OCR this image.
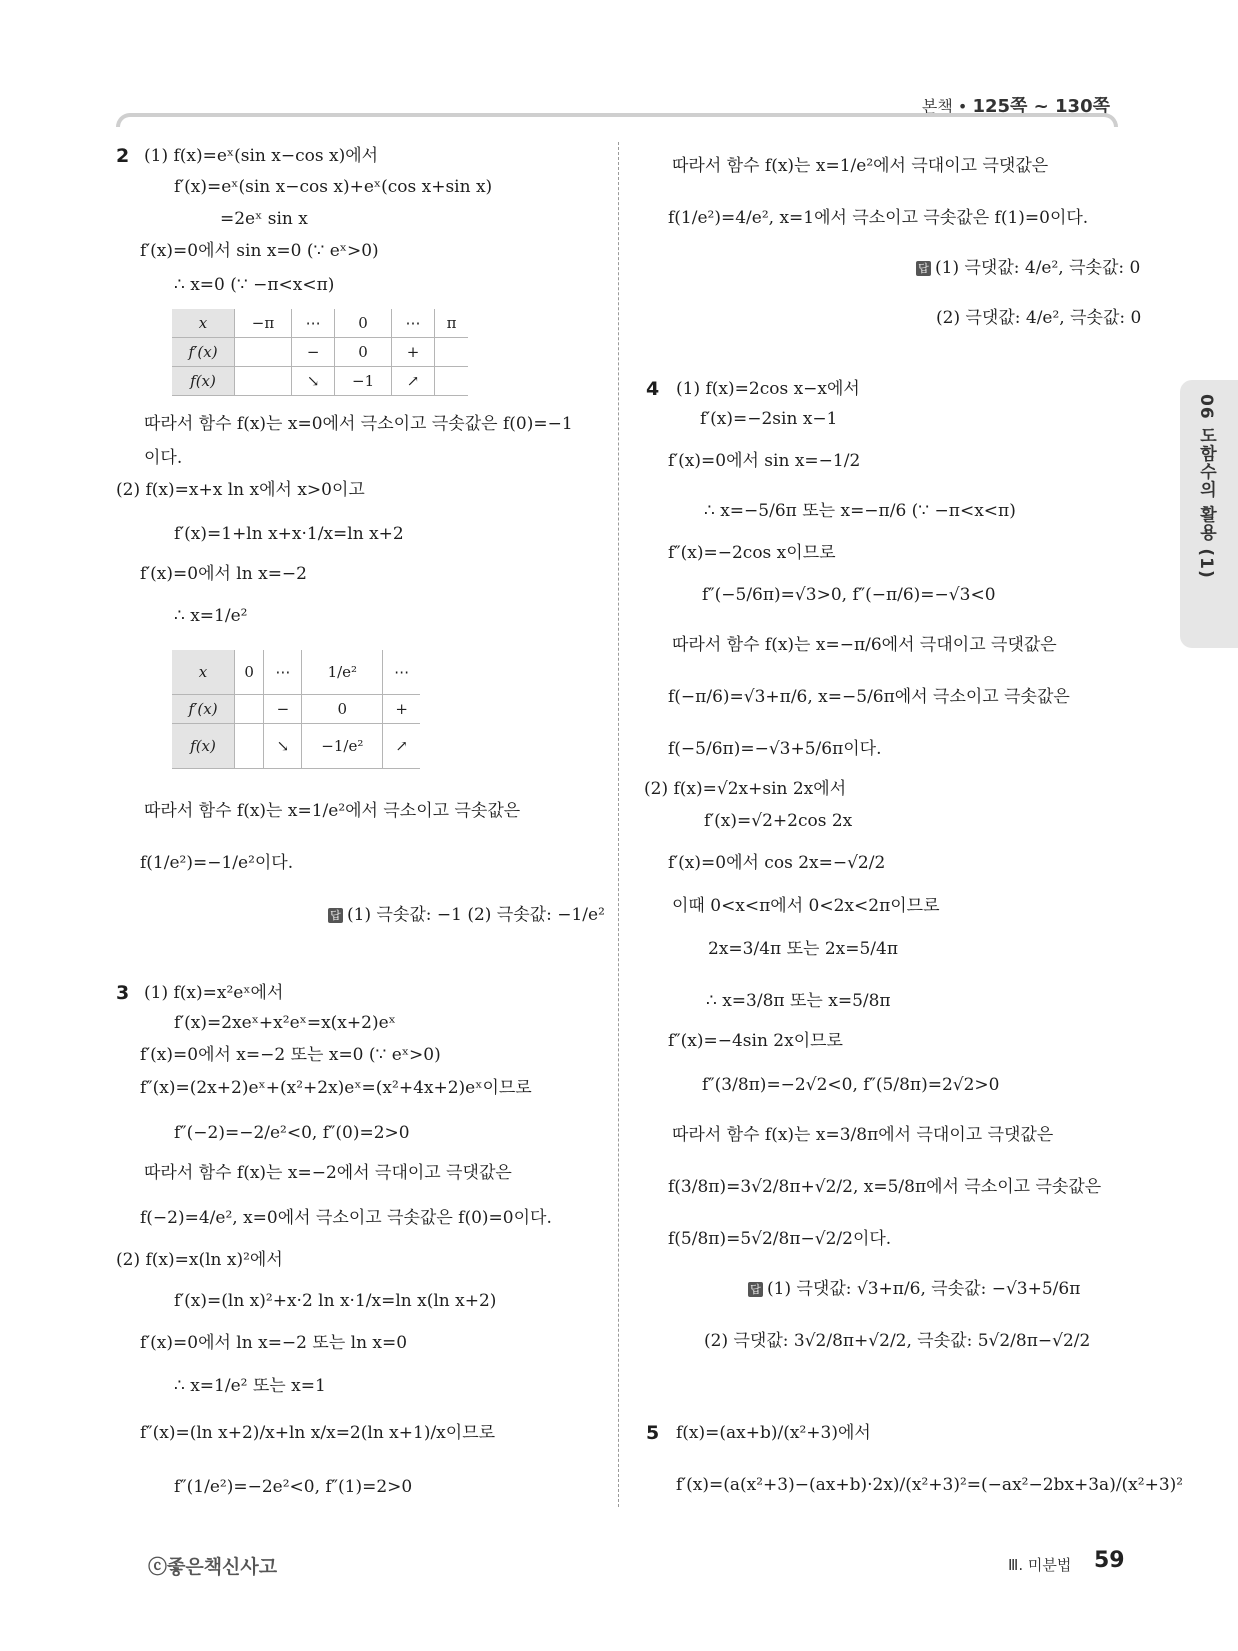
본책 • 125쪽 ~ 130쪽
06 도함수의 활용 (1)
2 (1) f(x)=eˣ(sin x−cos x)에서
f′(x)=eˣ(sin x−cos x)+eˣ(cos x+sin x)
=2eˣ sin x
f′(x)=0에서 sin x=0 (∵ eˣ>0)
∴ x=0 (∵ −π<x<π)
x	−π	⋯	0	⋯	π
f′(x)		−	0	+	
f(x)		↘	−1	↗	
따라서 함수 f(x)는 x=0에서 극소이고 극솟값은 f(0)=−1
이다.
(2) f(x)=x+x ln x에서 x>0이고
f′(x)=1+ln x+x·1/x=ln x+2
f′(x)=0에서 ln x=−2
∴ x=1/e²
x	0	⋯	1/e²	⋯
f′(x)		−	0	+
f(x)		↘	−1/e²	↗
따라서 함수 f(x)는 x=1/e²에서 극소이고 극솟값은
f(1/e²)=−1/e²이다.
답 (1) 극솟값: −1 (2) 극솟값: −1/e²
3 (1) f(x)=x²eˣ에서
f′(x)=2xeˣ+x²eˣ=x(x+2)eˣ
f′(x)=0에서 x=−2 또는 x=0 (∵ eˣ>0)
f″(x)=(2x+2)eˣ+(x²+2x)eˣ=(x²+4x+2)eˣ이므로
f″(−2)=−2/e²<0, f″(0)=2>0
따라서 함수 f(x)는 x=−2에서 극대이고 극댓값은
f(−2)=4/e², x=0에서 극소이고 극솟값은 f(0)=0이다.
(2) f(x)=x(ln x)²에서
f′(x)=(ln x)²+x·2 ln x·1/x=ln x(ln x+2)
f′(x)=0에서 ln x=−2 또는 ln x=0
∴ x=1/e² 또는 x=1
f″(x)=(ln x+2)/x+ln x/x=2(ln x+1)/x이므로
f″(1/e²)=−2e²<0, f″(1)=2>0
따라서 함수 f(x)는 x=1/e²에서 극대이고 극댓값은
f(1/e²)=4/e², x=1에서 극소이고 극솟값은 f(1)=0이다.
답 (1) 극댓값: 4/e², 극솟값: 0
(2) 극댓값: 4/e², 극솟값: 0
4 (1) f(x)=2cos x−x에서
f′(x)=−2sin x−1
f′(x)=0에서 sin x=−1/2
∴ x=−5/6π 또는 x=−π/6 (∵ −π<x<π)
f″(x)=−2cos x이므로
f″(−5/6π)=√3>0, f″(−π/6)=−√3<0
따라서 함수 f(x)는 x=−π/6에서 극대이고 극댓값은
f(−π/6)=√3+π/6, x=−5/6π에서 극소이고 극솟값은
f(−5/6π)=−√3+5/6π이다.
(2) f(x)=√2x+sin 2x에서
f′(x)=√2+2cos 2x
f′(x)=0에서 cos 2x=−√2/2
이때 0<x<π에서 0<2x<2π이므로
2x=3/4π 또는 2x=5/4π
∴ x=3/8π 또는 x=5/8π
f″(x)=−4sin 2x이므로
f″(3/8π)=−2√2<0, f″(5/8π)=2√2>0
따라서 함수 f(x)는 x=3/8π에서 극대이고 극댓값은
f(3/8π)=3√2/8π+√2/2, x=5/8π에서 극소이고 극솟값은
f(5/8π)=5√2/8π−√2/2이다.
답 (1) 극댓값: √3+π/6, 극솟값: −√3+5/6π
(2) 극댓값: 3√2/8π+√2/2, 극솟값: 5√2/8π−√2/2
5 f(x)=(ax+b)/(x²+3)에서
f′(x)=(a(x²+3)−(ax+b)·2x)/(x²+3)²=(−ax²−2bx+3a)/(x²+3)²
ⓒ좋은책신사고	Ⅲ. 미분법 59
